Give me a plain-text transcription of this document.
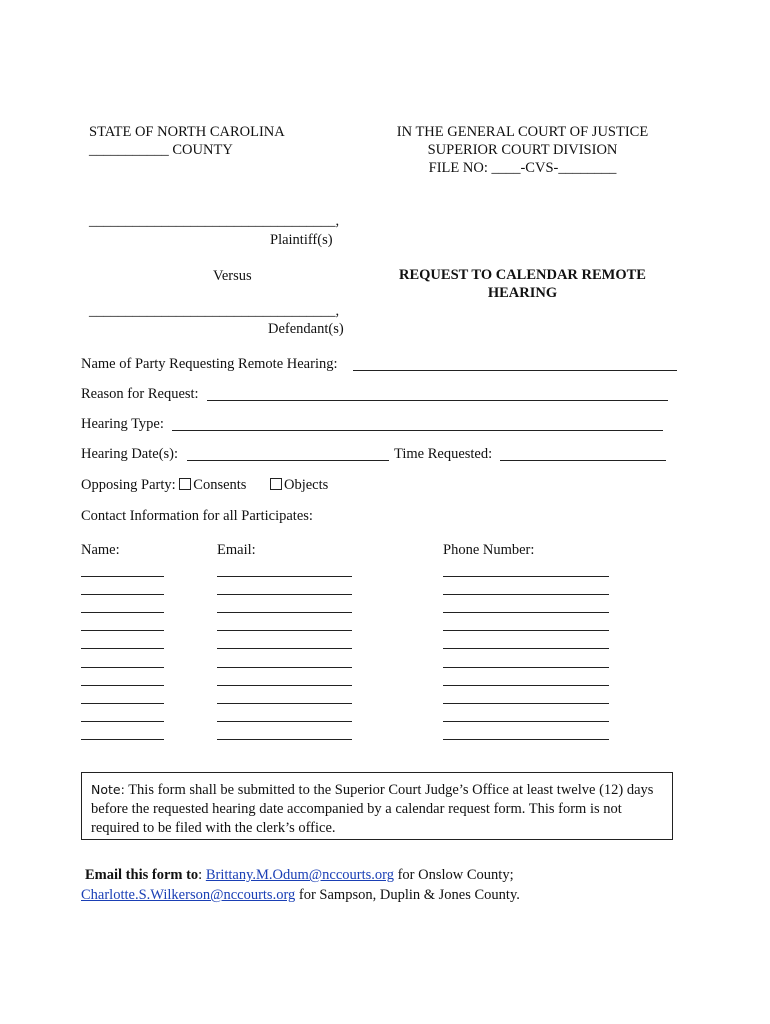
STATE OF NORTH CAROLINA
___________ COUNTY
IN THE GENERAL COURT OF JUSTICE
SUPERIOR COURT DIVISION
FILE NO: ____-CVS-________
__________________________________,
Plaintiff(s)
Versus
__________________________________,
Defendant(s)
REQUEST TO CALENDAR REMOTE
HEARING
Name of Party Requesting Remote Hearing:
Reason for Request:
Hearing Type:
Hearing Date(s):	Time Requested:
Opposing Party: Consents	Objects
Contact Information for all Participates:
Name:	Email:	Phone Number:
Note: This form shall be submitted to the Superior Court Judge’s Office at least twelve (12) days before the requested hearing date accompanied by a calendar request form. This form is not required to be filed with the clerk’s office.
Email this form to: Brittany.M.Odum@nccourts.org for Onslow County;
Charlotte.S.Wilkerson@nccourts.org for Sampson, Duplin & Jones County.
